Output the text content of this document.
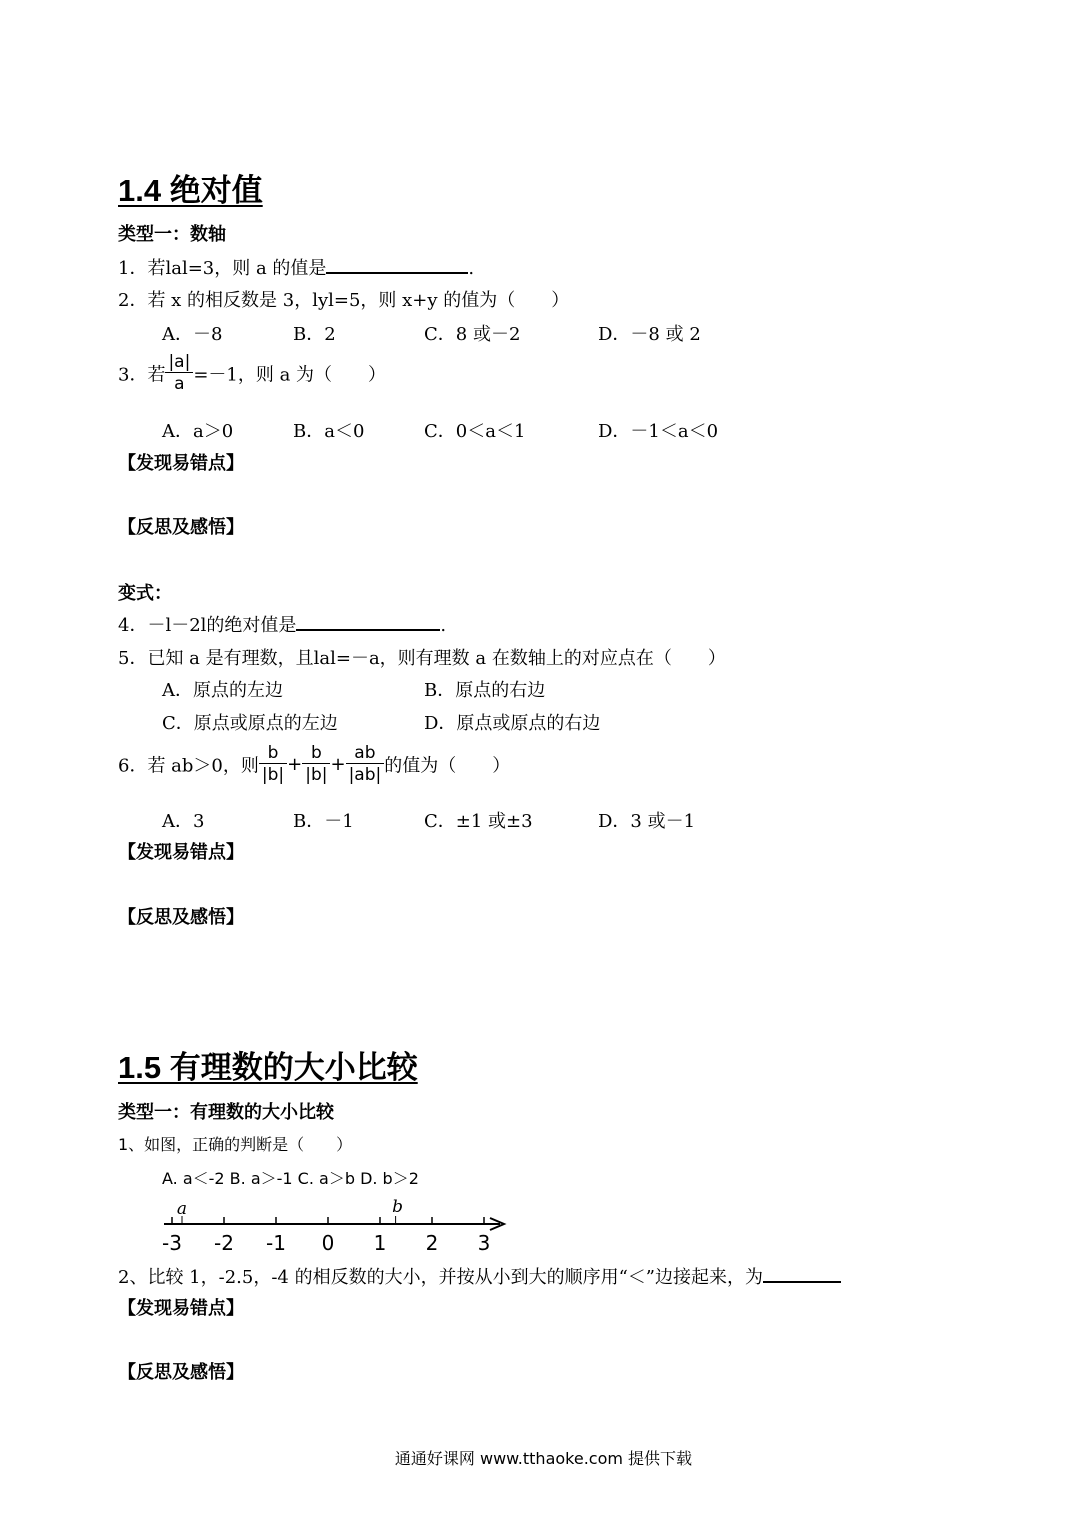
1.4 绝对值
类型一：数轴
1．若lal=3，则 a 的值是	.
2．若 x 的相反数是 3，lyl=5，则 x+y 的值为（　　）
A．－8	B．2	C．8 或－2	D．－8 或 2
3．若 $\frac{|a|}{a} =-1$，则 a 为（　　）
A．a＞0	B．a＜0	C．0＜a＜1	D．－1＜a＜0
【发现易错点】
【反思及感悟】
变式：
4．－l－2l的绝对值是	.
5．已知 a 是有理数，且lal=－a，则有理数 a 在数轴上的对应点在（　　）
A．原点的左边	B．原点的右边
C．原点或原点的左边	D．原点或原点的右边
6．若 ab＞0，则 $\frac{b}{|b|} + \frac{b}{|b|} + \frac{ab}{|ab|}$ 的值为（　　）
A．3	B．－1	C．±1 或±3	D．3 或－1
【发现易错点】
【反思及感悟】
1.5 有理数的大小比较
类型一：有理数的大小比较
1、如图，正确的判断是（　　）
A. a＜-2 B. a＞-1 C. a＞b D. b＞2
-3 -2 -1 0 1 2 3
a	b
2、比较 1，-2.5，-4 的相反数的大小，并按从小到大的顺序用“＜”边接起来，为
【发现易错点】
【反思及感悟】
通通好课网 www.tthaoke.com 提供下载
